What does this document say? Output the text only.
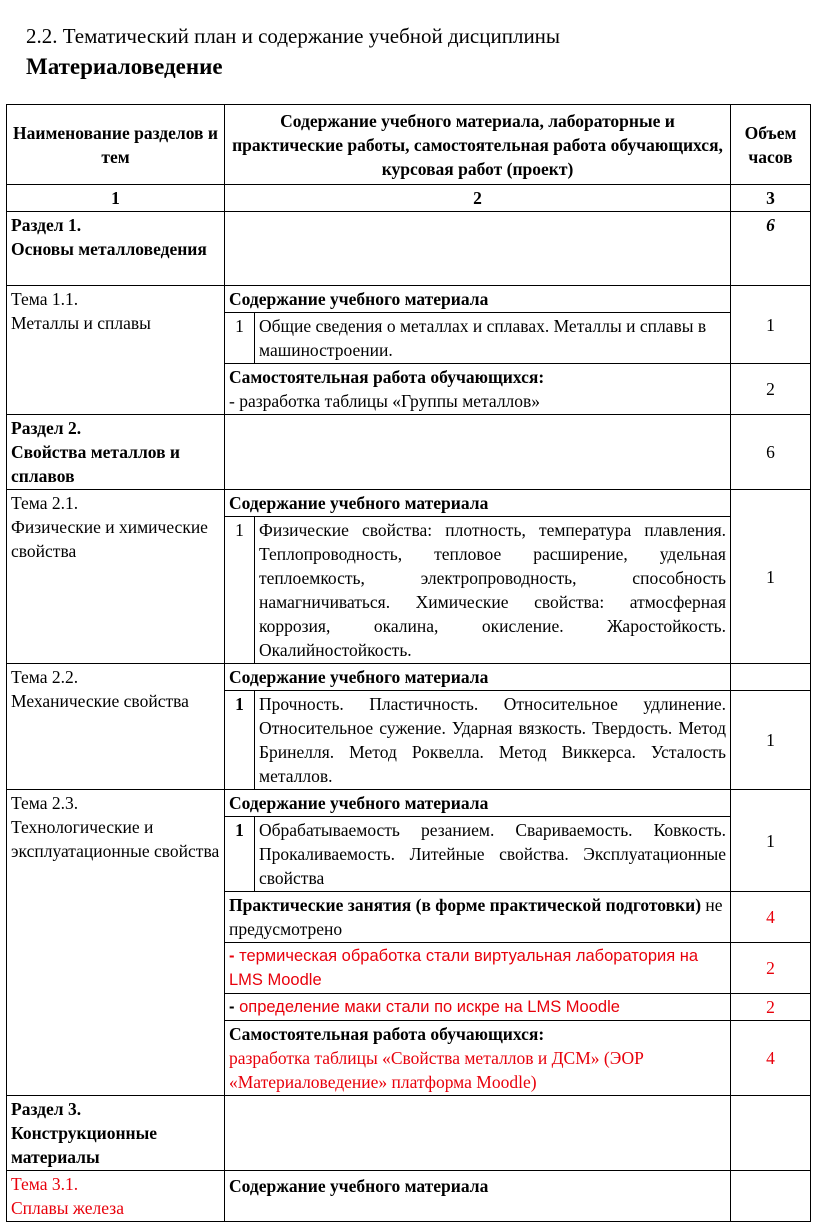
2.2. Тематический план и содержание учебной дисциплины
Материаловедение
Наименование разделов и тем	Содержание учебного материала, лабораторные и практические работы, самостоятельная работа обучающихся, курсовая работ (проект)		Объем часов
1	2		3
Раздел 1.
Основы металловедения			6
Тема 1.1.
Металлы и сплавы	Содержание учебного материала		1
	1	Общие сведения о металлах и сплавах. Металлы и сплавы в машиностроении.	

	Самостоятельная работа обучающихся:
- разработка таблицы «Группы металлов»		2
Раздел 2.
Свойства металлов и сплавов			6
Тема 2.1.
Физические и химические свойства	Содержание учебного материала		1
	1	Физические свойства: плотность, температура плавления. Теплопроводность, тепловое расширение, удельная теплоемкость, электропроводность, способность намагничиваться. Химические свойства: атмосферная коррозия, окалина, окисление. Жаростойкость. Окалийностойкость.	
Тема 2.2.
Механические свойства	Содержание учебного материала		
	1	Прочность. Пластичность. Относительное удлинение. Относительное сужение. Ударная вязкость. Твердость. Метод Бринелля. Метод Роквелла. Метод Виккерса. Усталость металлов.	1
Тема 2.3.
Технологические и эксплуатационные свойства	Содержание учебного материала		1
	1	Обрабатываемость резанием. Свариваемость. Ковкость. Прокаливаемость. Литейные свойства. Эксплуатационные свойства	
	Практические занятия (в форме практической подготовки) не предусмотрено		4
	- термическая обработка стали виртуальная лаборатория на LMS Moodle		2
	- определение маки стали по искре на LMS Moodle		2

	Самостоятельная работа обучающихся:
разработка таблицы «Свойства металлов и ДСМ» (ЭОР «Материаловедение» платформа Moodle)		4
Раздел 3.
Конструкционные материалы			
Тема 3.1.
Сплавы железа	Содержание учебного материала		
